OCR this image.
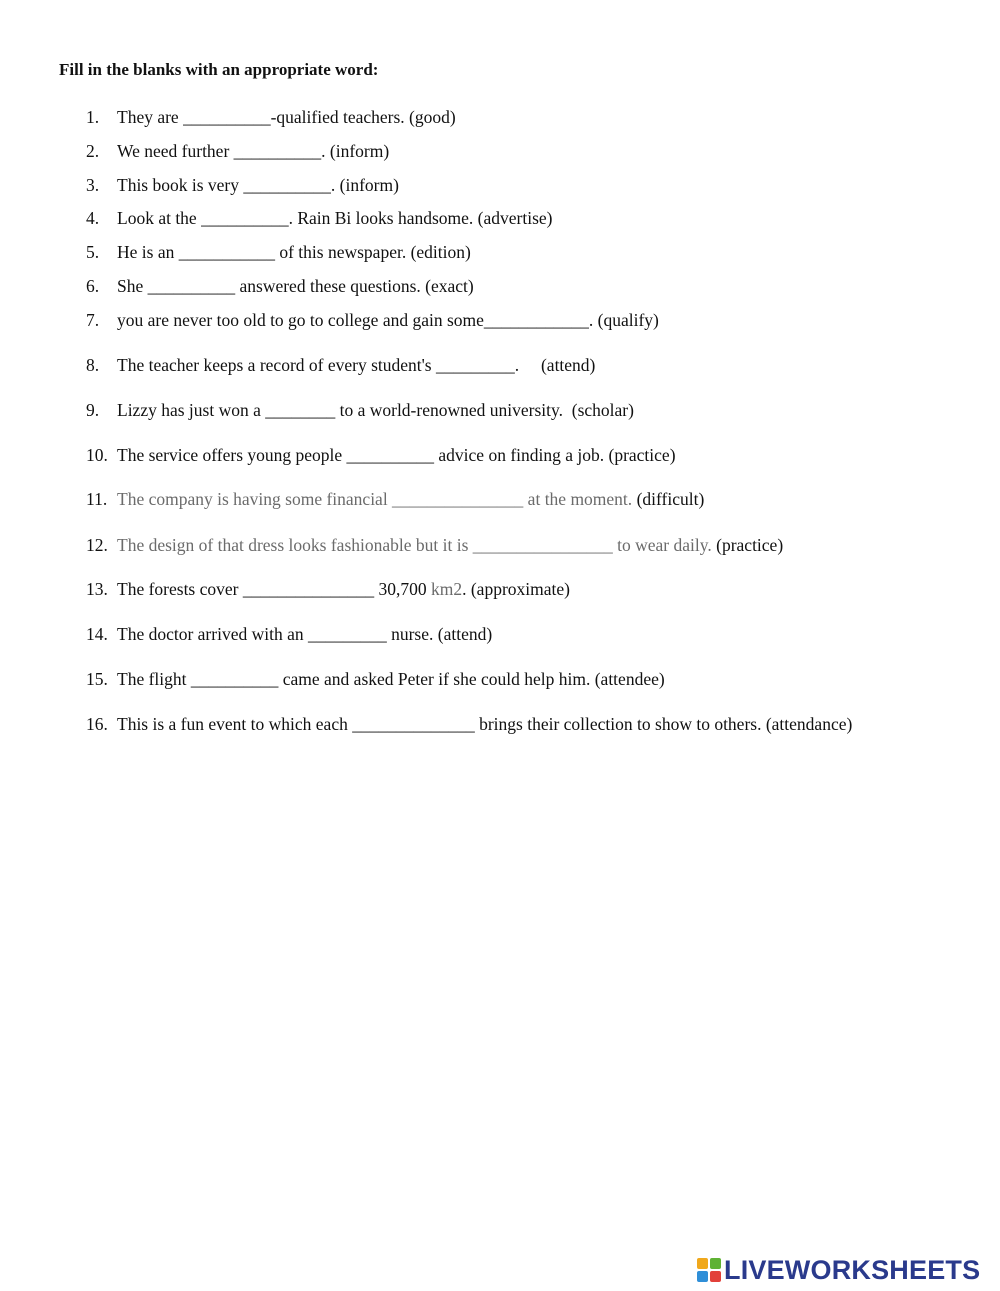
Fill in the blanks with an appropriate word:

1. They are __________-qualified teachers. (good)

2. We need further __________. (inform)

3. This book is very __________. (inform)

4. Look at the __________. Rain Bi looks handsome. (advertise)

5. He is an ___________ of this newspaper. (edition)

6. She __________ answered these questions. (exact)

7. you are never too old to go to college and gain some____________. (qualify)

8. The teacher keeps a record of every student's _________.     (attend)

9. Lizzy has just won a ________ to a world-renowned university.  (scholar)

10. The service offers young people __________ advice on finding a job. (practice)

11. The company is having some financial _______________ at the moment. (difficult)

12. The design of that dress looks fashionable but it is ________________ to wear daily. (practice)

13. The forests cover _______________ 30,700 km2. (approximate)

14. The doctor arrived with an _________ nurse. (attend)

15. The flight __________ came and asked Peter if she could help him. (attendee)

16. This is a fun event to which each ______________ brings their collection to show to others. (attendance)

LIVEWORKSHEETS
